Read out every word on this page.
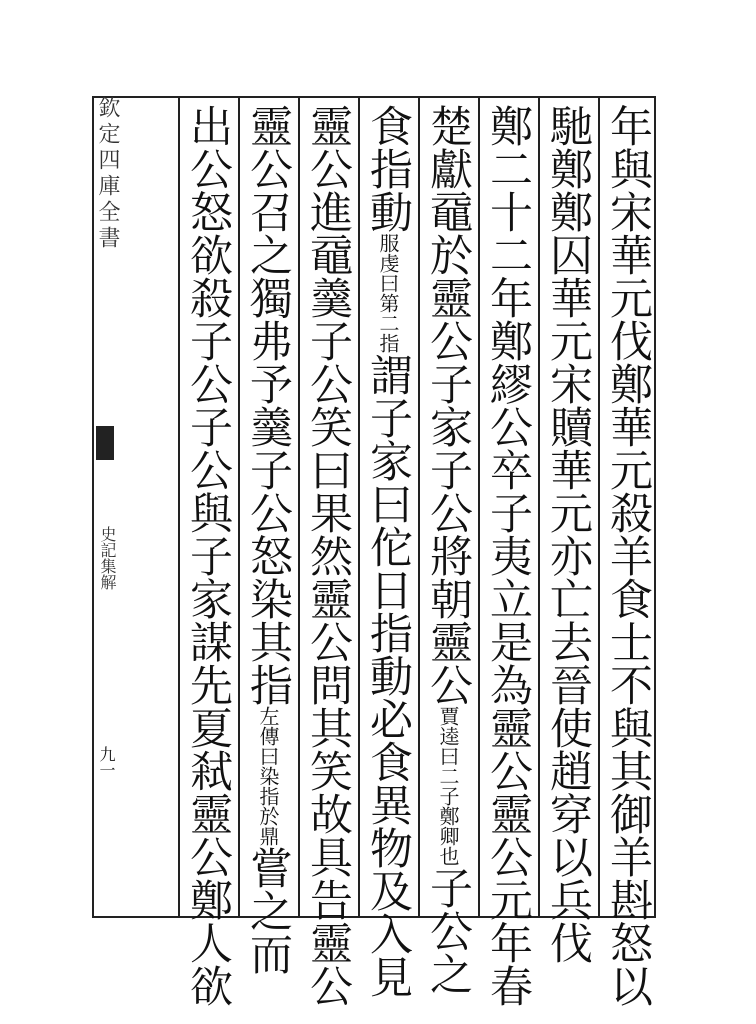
欽定四庫全書
史記集解
九一	年與宋華元伐鄭華元殺羊食士不與其御羊斟怒以
馳鄭鄭囚華元宋贖華元亦亡去晉使趙穿以兵伐
鄭二十二年鄭繆公卒子夷立是為靈公靈公元年春
楚獻黿於靈公子家子公將朝靈公賈逵曰二子鄭卿也子公之
食指動服虔曰第二指謂子家曰佗日指動必食異物及入見
靈公進黿羹子公笑曰果然靈公問其笑故具告靈公
靈公召之獨弗予羹子公怒染其指左傳曰染指於鼎嘗之而
出公怒欲殺子公子公與子家謀先夏弒靈公鄭人欲
